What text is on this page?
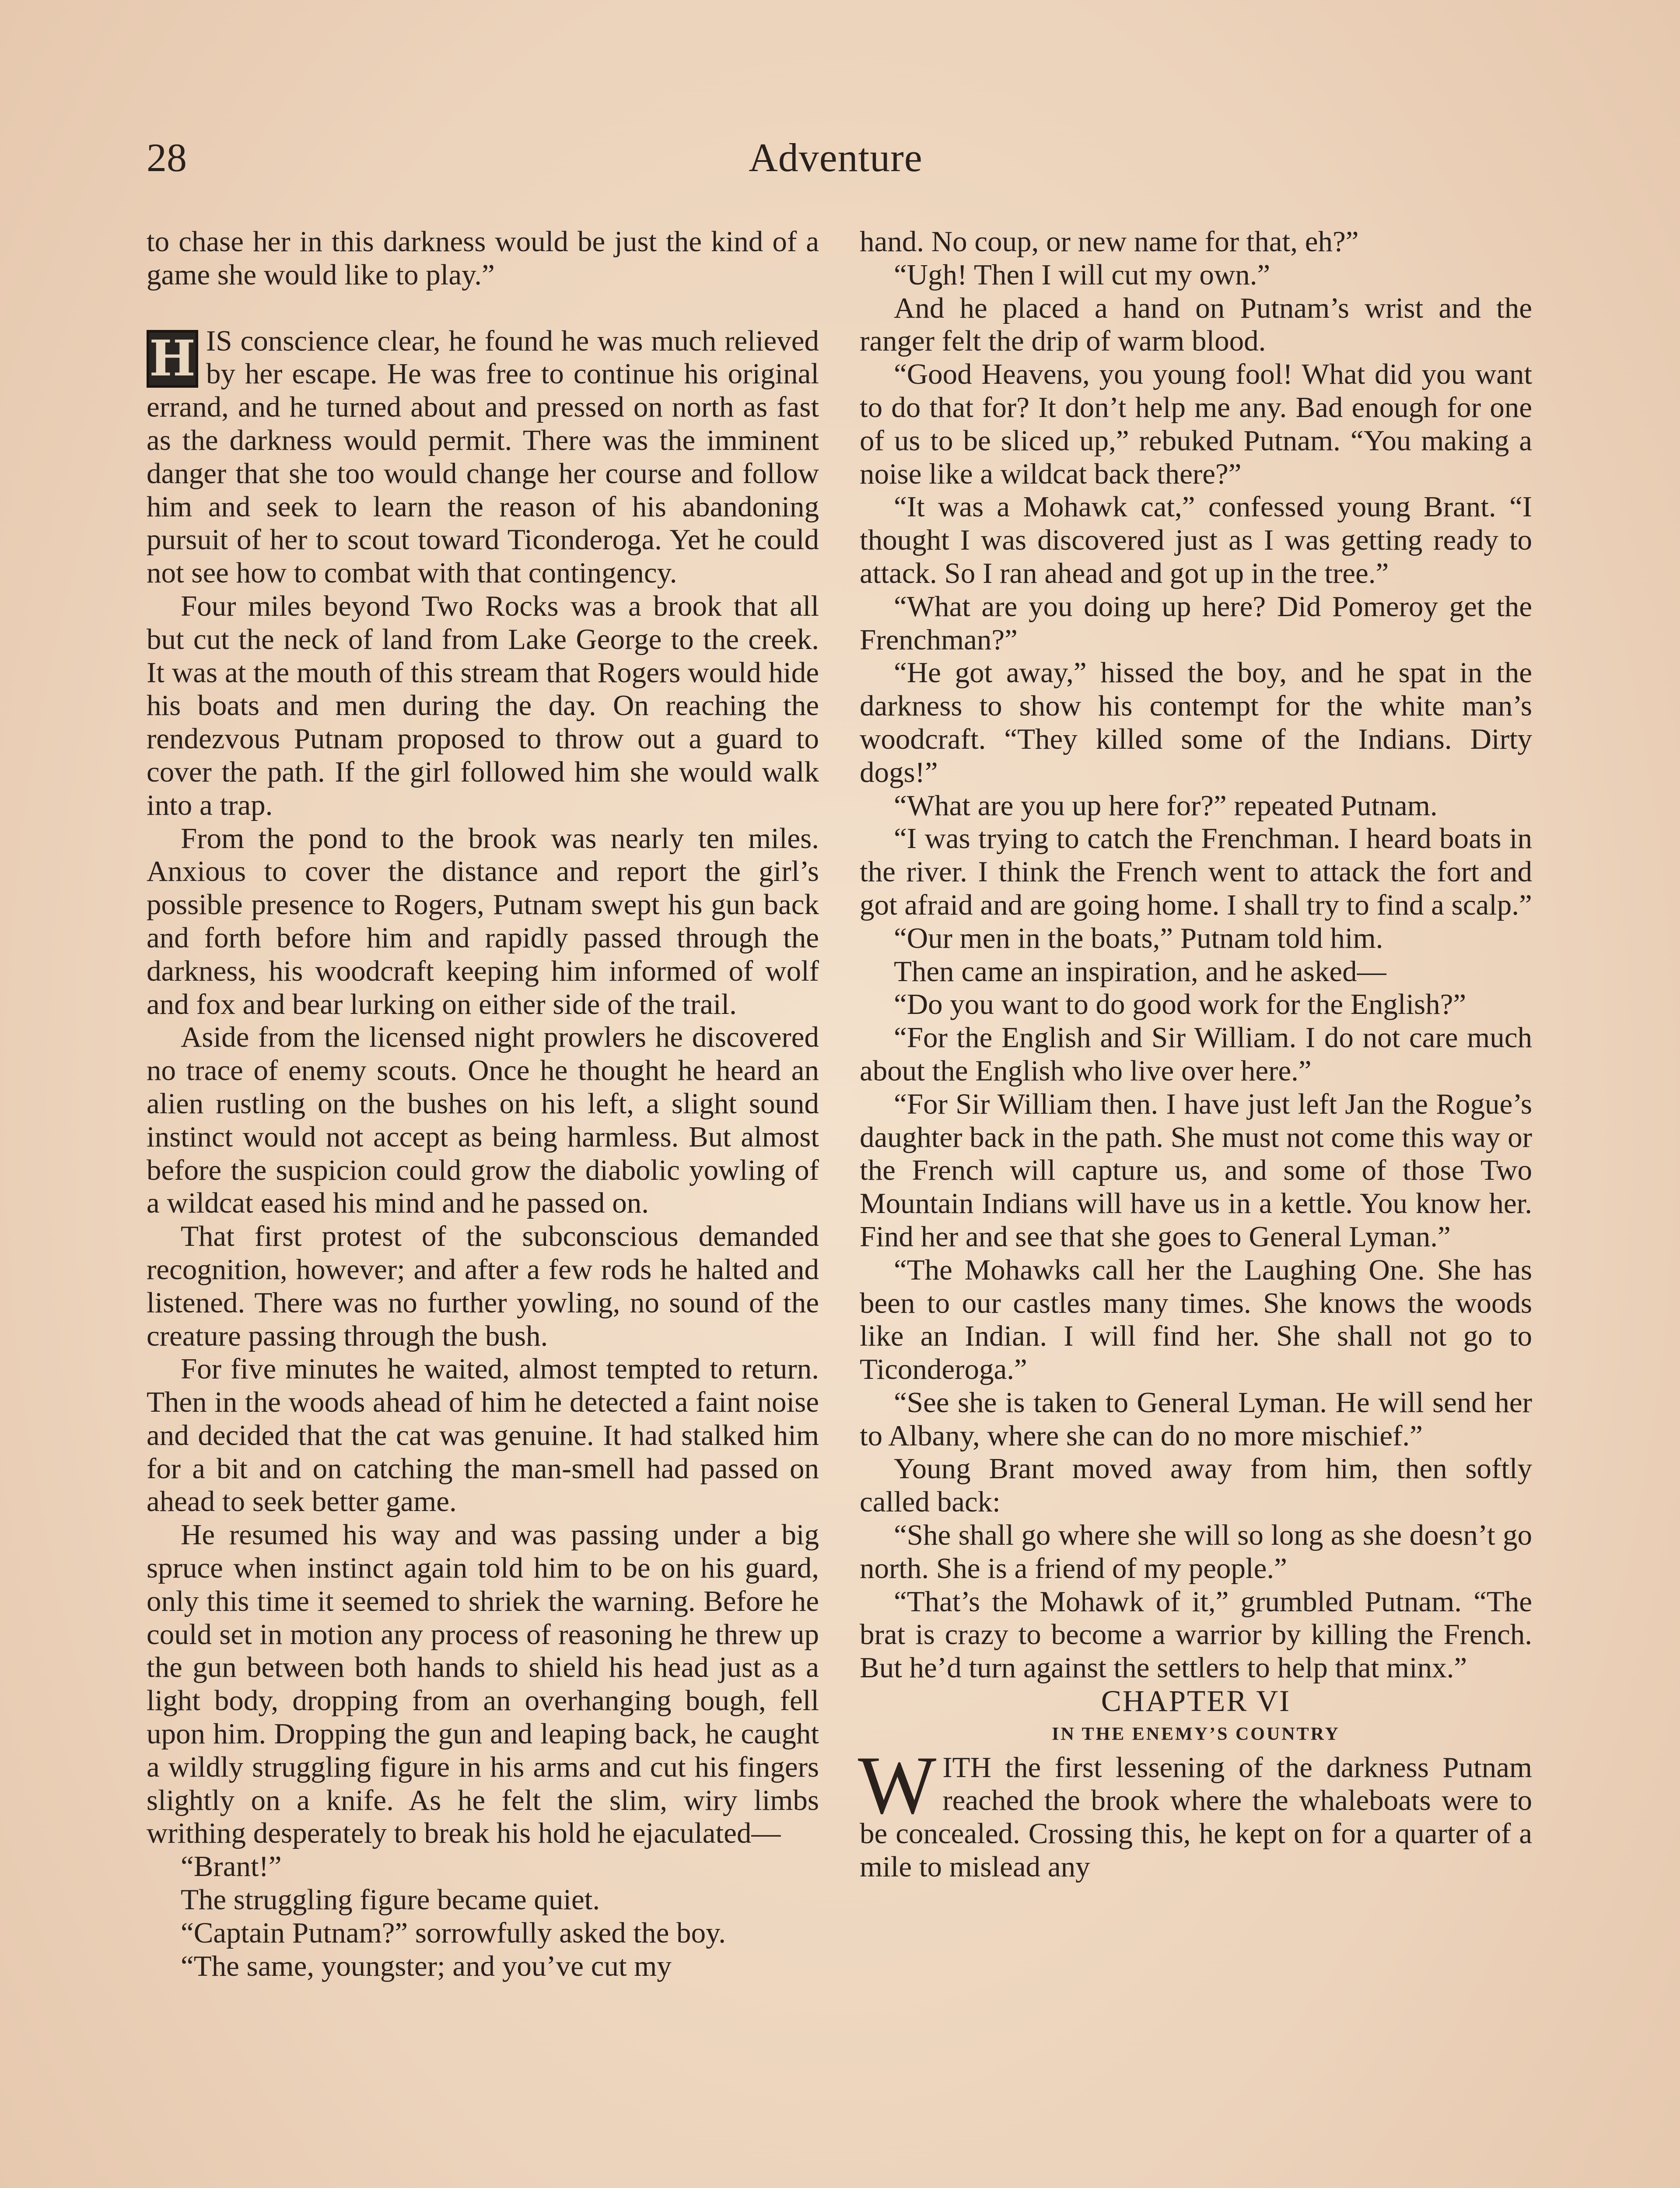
28	Adventure

to chase her in this darkness would be just the kind of a game she would like to play.”

H IS conscience clear, he found he was much relieved by her escape. He was free to continue his original errand, and he turned about and pressed on north as fast as the darkness would permit. There was the imminent danger that she too would change her course and follow him and seek to learn the reason of his abandoning pursuit of her to scout toward Ticonderoga. Yet he could not see how to combat with that contingency.

Four miles beyond Two Rocks was a brook that all but cut the neck of land from Lake George to the creek. It was at the mouth of this stream that Rogers would hide his boats and men during the day. On reaching the rendezvous Putnam proposed to throw out a guard to cover the path. If the girl followed him she would walk into a trap.

From the pond to the brook was nearly ten miles. Anxious to cover the distance and report the girl’s possible presence to Rogers, Putnam swept his gun back and forth before him and rapidly passed through the darkness, his woodcraft keeping him informed of wolf and fox and bear lurking on either side of the trail.

Aside from the licensed night prowlers he discovered no trace of enemy scouts. Once he thought he heard an alien rustling on the bushes on his left, a slight sound instinct would not accept as being harmless. But almost before the suspicion could grow the diabolic yowling of a wildcat eased his mind and he passed on.

That first protest of the subconscious demanded recognition, however; and after a few rods he halted and listened. There was no further yowling, no sound of the creature passing through the bush.

For five minutes he waited, almost tempted to return. Then in the woods ahead of him he detected a faint noise and decided that the cat was genuine. It had stalked him for a bit and on catching the man-smell had passed on ahead to seek better game.

He resumed his way and was passing under a big spruce when instinct again told him to be on his guard, only this time it seemed to shriek the warning. Before he could set in motion any process of reasoning he threw up the gun between both hands to shield his head just as a light body, dropping from an overhanging bough, fell upon him. Dropping the gun and leaping back, he caught a wildly struggling figure in his arms and cut his fingers slightly on a knife. As he felt the slim, wiry limbs writhing desperately to break his hold he ejaculated—

“Brant!”

The struggling figure became quiet.

“Captain Putnam?” sorrowfully asked the boy.

“The same, youngster; and you’ve cut my

hand. No coup, or new name for that, eh?”

“Ugh! Then I will cut my own.”

And he placed a hand on Putnam’s wrist and the ranger felt the drip of warm blood.

“Good Heavens, you young fool! What did you want to do that for? It don’t help me any. Bad enough for one of us to be sliced up,” rebuked Putnam. “You making a noise like a wildcat back there?”

“It was a Mohawk cat,” confessed young Brant. “I thought I was discovered just as I was getting ready to attack. So I ran ahead and got up in the tree.”

“What are you doing up here? Did Pomeroy get the Frenchman?”

“He got away,” hissed the boy, and he spat in the darkness to show his contempt for the white man’s woodcraft. “They killed some of the Indians. Dirty dogs!”

“What are you up here for?” repeated Putnam.

“I was trying to catch the Frenchman. I heard boats in the river. I think the French went to attack the fort and got afraid and are going home. I shall try to find a scalp.”

“Our men in the boats,” Putnam told him.

Then came an inspiration, and he asked—

“Do you want to do good work for the English?”

“For the English and Sir William. I do not care much about the English who live over here.”

“For Sir William then. I have just left Jan the Rogue’s daughter back in the path. She must not come this way or the French will capture us, and some of those Two Mountain Indians will have us in a kettle. You know her. Find her and see that she goes to General Lyman.”

“The Mohawks call her the Laughing One. She has been to our castles many times. She knows the woods like an Indian. I will find her. She shall not go to Ticonderoga.”

“See she is taken to General Lyman. He will send her to Albany, where she can do no more mischief.”

Young Brant moved away from him, then softly called back:

“She shall go where she will so long as she doesn’t go north. She is a friend of my people.”

“That’s the Mohawk of it,” grumbled Putnam. “The brat is crazy to become a warrior by killing the French. But he’d turn against the settlers to help that minx.”

CHAPTER VI

IN THE ENEMY’S COUNTRY

WITH the first lessening of the darkness Putnam reached the brook where the whaleboats were to be concealed. Crossing this, he kept on for a quarter of a mile to mislead any
